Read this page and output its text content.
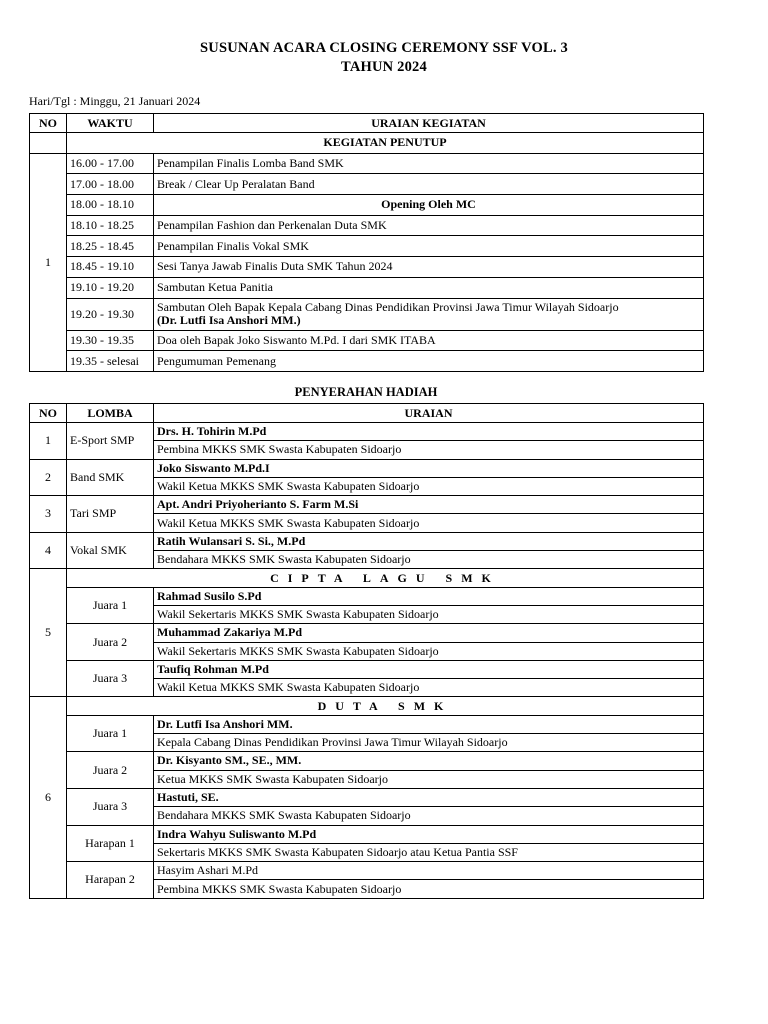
SUSUNAN ACARA CLOSING CEREMONY SSF VOL. 3
TAHUN 2024
Hari/Tgl : Minggu, 21 Januari 2024
NO	WAKTU	URAIAN KEGIATAN
	KEGIATAN PENUTUP	
1	16.00 - 17.00	Penampilan Finalis Lomba Band SMK
	17.00 - 18.00	Break / Clear Up Peralatan Band
	18.00 - 18.10	Opening Oleh MC
	18.10 - 18.25	Penampilan Fashion dan Perkenalan Duta SMK
	18.25 - 18.45	Penampilan Finalis Vokal SMK
	18.45 - 19.10	Sesi Tanya Jawab Finalis Duta SMK Tahun 2024
	19.10 - 19.20	Sambutan Ketua Panitia
	19.20 - 19.30	Sambutan Oleh Bapak Kepala Cabang Dinas Pendidikan Provinsi Jawa Timur Wilayah Sidoarjo
(Dr. Lutfi Isa Anshori MM.)

	19.30 - 19.35	Doa oleh Bapak Joko Siswanto M.Pd. I dari SMK ITABA
	19.35 - selesai	Pengumuman Pemenang
PENYERAHAN HADIAH
NO	LOMBA	URAIAN
1	E-Sport SMP	Drs. H. Tohirin M.Pd
		Pembina MKKS SMK Swasta Kabupaten Sidoarjo
2	Band SMK	Joko Siswanto M.Pd.I
		Wakil Ketua MKKS SMK Swasta Kabupaten Sidoarjo
3	Tari SMP	Apt. Andri Priyoherianto S. Farm M.Si
		Wakil Ketua MKKS SMK Swasta Kabupaten Sidoarjo
4	Vokal SMK	Ratih Wulansari S. Si., M.Pd
		Bendahara MKKS SMK Swasta Kabupaten Sidoarjo
5	CIPTA LAGU SMK	
	Juara 1	Rahmad Susilo S.Pd
		Wakil Sekertaris MKKS SMK Swasta Kabupaten Sidoarjo
	Juara 2	Muhammad Zakariya M.Pd
		Wakil Sekertaris MKKS SMK Swasta Kabupaten Sidoarjo
	Juara 3	Taufiq Rohman M.Pd
		Wakil Ketua MKKS SMK Swasta Kabupaten Sidoarjo
6	DUTA SMK	
	Juara 1	Dr. Lutfi Isa Anshori MM.
		Kepala Cabang Dinas Pendidikan Provinsi Jawa Timur Wilayah Sidoarjo
	Juara 2	Dr. Kisyanto SM., SE., MM.
		Ketua MKKS SMK Swasta Kabupaten Sidoarjo
	Juara 3	Hastuti, SE.
		Bendahara MKKS SMK Swasta Kabupaten Sidoarjo
	Harapan 1	Indra Wahyu Suliswanto M.Pd
		Sekertaris MKKS SMK Swasta Kabupaten Sidoarjo atau Ketua Pantia SSF
	Harapan 2	Hasyim Ashari M.Pd
		Pembina MKKS SMK Swasta Kabupaten Sidoarjo
